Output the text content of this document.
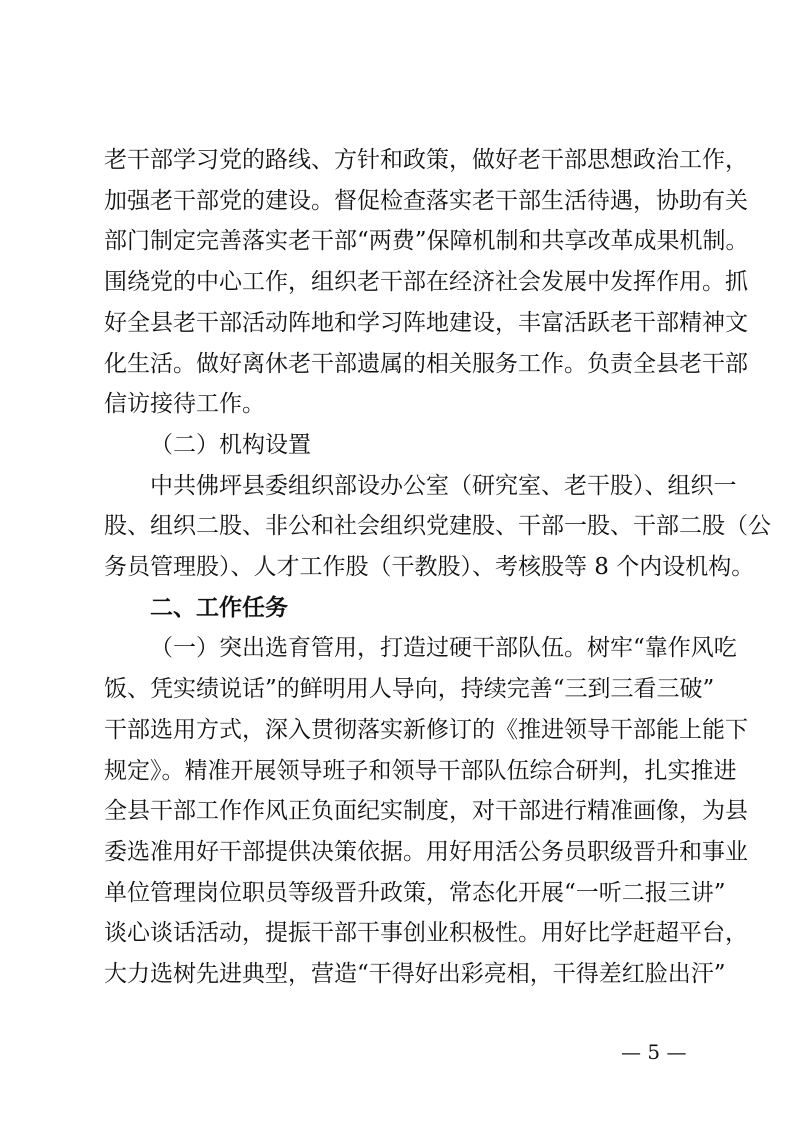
老干部学习党的路线、方针和政策，做好老干部思想政治工作，
加强老干部党的建设。督促检查落实老干部生活待遇，协助有关
部门制定完善落实老干部“两费”保障机制和共享改革成果机制。
围绕党的中心工作，组织老干部在经济社会发展中发挥作用。抓
好全县老干部活动阵地和学习阵地建设，丰富活跃老干部精神文
化生活。做好离休老干部遗属的相关服务工作。负责全县老干部
信访接待工作。
（二）机构设置
中共佛坪县委组织部设办公室（研究室、老干股）、组织一
股、组织二股、非公和社会组织党建股、干部一股、干部二股（公
务员管理股）、人才工作股（干教股）、考核股等 8 个内设机构。
二、工作任务
（一）突出选育管用，打造过硬干部队伍。树牢“靠作风吃
饭、凭实绩说话”的鲜明用人导向，持续完善“三到三看三破”
干部选用方式，深入贯彻落实新修订的《推进领导干部能上能下
规定》。精准开展领导班子和领导干部队伍综合研判，扎实推进
全县干部工作作风正负面纪实制度，对干部进行精准画像，为县
委选准用好干部提供决策依据。用好用活公务员职级晋升和事业
单位管理岗位职员等级晋升政策，常态化开展“一听二报三讲”
谈心谈话活动，提振干部干事创业积极性。用好比学赶超平台，
大力选树先进典型，营造“干得好出彩亮相，干得差红脸出汗”
— 5 —
